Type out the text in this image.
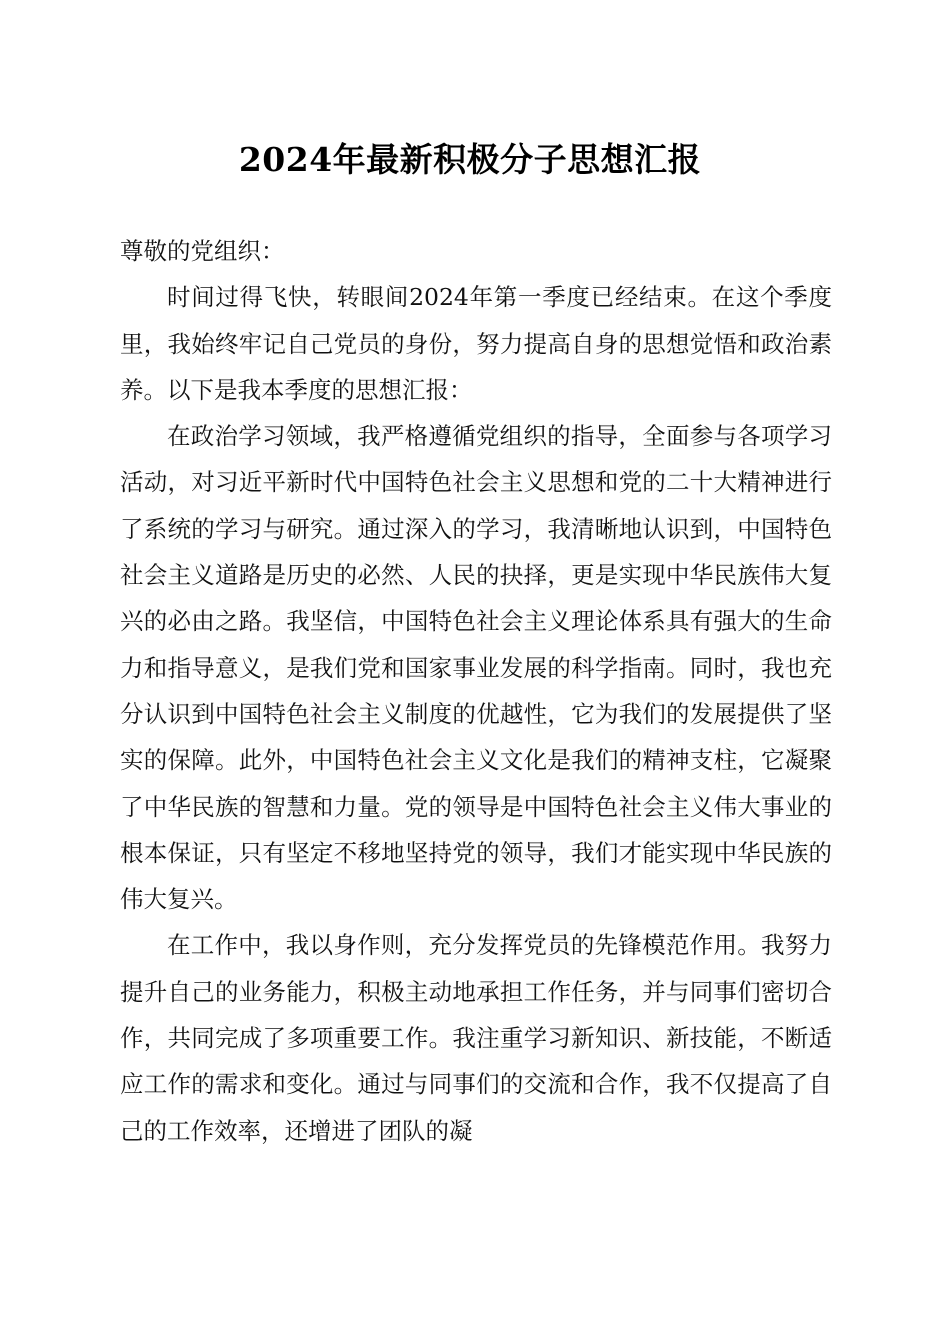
2024年最新积极分子思想汇报

尊敬的党组织：

时间过得飞快，转眼间2024年第一季度已经结束。在这个季度里，我始终牢记自己党员的身份，努力提高自身的思想觉悟和政治素养。以下是我本季度的思想汇报：

在政治学习领域，我严格遵循党组织的指导，全面参与各项学习活动，对习近平新时代中国特色社会主义思想和党的二十大精神进行了系统的学习与研究。通过深入的学习，我清晰地认识到，中国特色社会主义道路是历史的必然、人民的抉择，更是实现中华民族伟大复兴的必由之路。我坚信，中国特色社会主义理论体系具有强大的生命力和指导意义，是我们党和国家事业发展的科学指南。同时，我也充分认识到中国特色社会主义制度的优越性，它为我们的发展提供了坚实的保障。此外，中国特色社会主义文化是我们的精神支柱，它凝聚了中华民族的智慧和力量。党的领导是中国特色社会主义伟大事业的根本保证，只有坚定不移地坚持党的领导，我们才能实现中华民族的伟大复兴。

在工作中，我以身作则，充分发挥党员的先锋模范作用。我努力提升自己的业务能力，积极主动地承担工作任务，并与同事们密切合作，共同完成了多项重要工作。我注重学习新知识、新技能，不断适应工作的需求和变化。通过与同事们的交流和合作，我不仅提高了自己的工作效率，还增进了团队的凝
